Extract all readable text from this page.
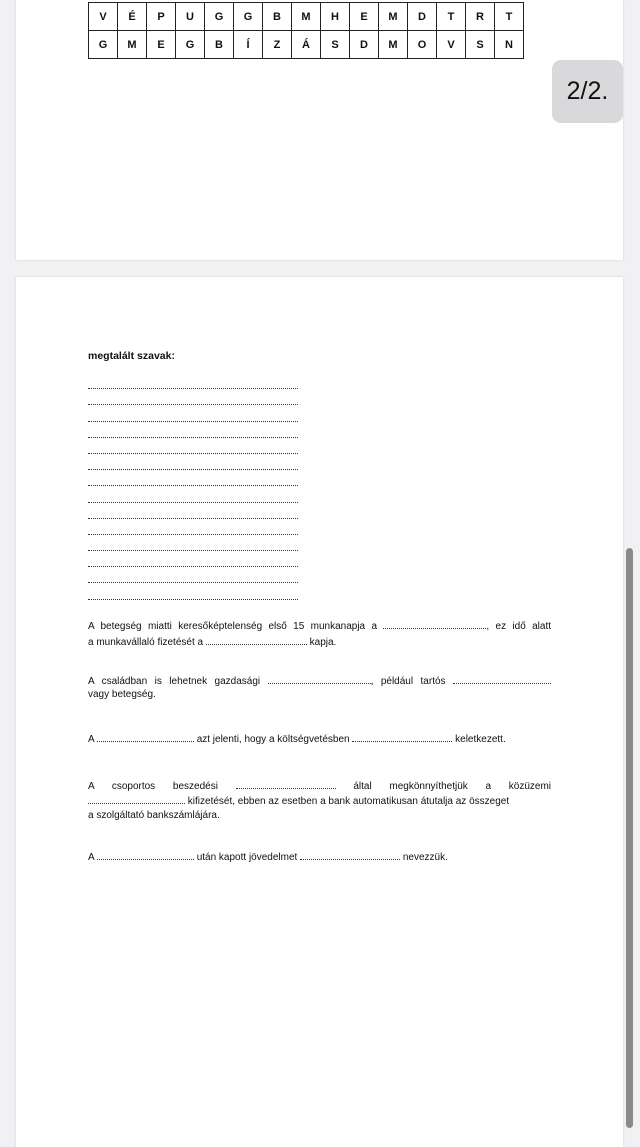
V	É	P	U	G	G	B	M	H	E	M	D	T	R	T
G	M	E	G	B	Í	Z	Á	S	D	M	O	V	S	N
2/2.
megtalált szavak:
A betegség miatti keresőképtelenség első 15 munkanapja a	, ez idő alatt
a munkavállaló fizetését a	kapja.
A családban is lehetnek gazdasági	, például tartós
vagy betegség.
A	azt jelenti, hogy a költségvetésben	keletkezett.
A csoportos beszedési	által megkönnyíthetjük a közüzemi
kifizetését, ebben az esetben a bank automatikusan átutalja az összeget
a szolgáltató bankszámlájára.
A	után kapott jövedelmet	nevezzük.
